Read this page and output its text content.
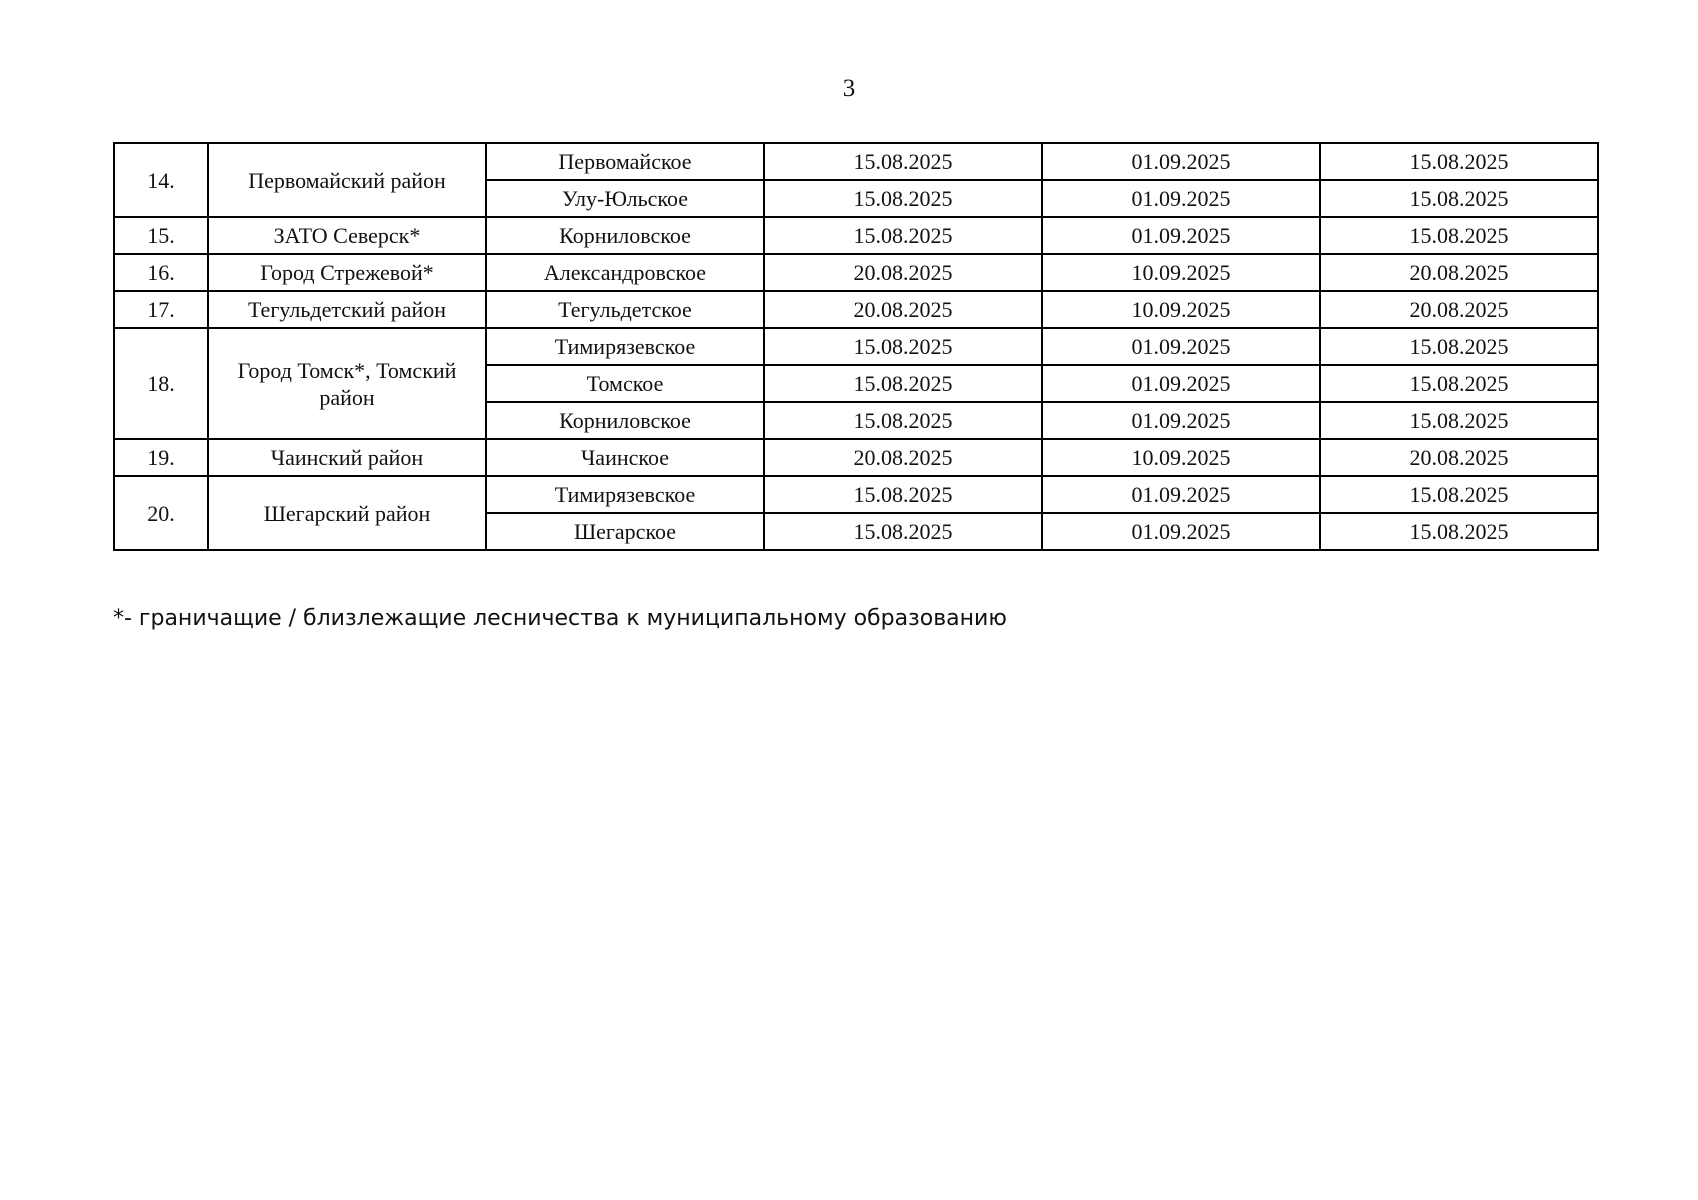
3
14.	Первомайский район	Первомайское	15.08.2025	01.09.2025	15.08.2025
		Улу-Юльское	15.08.2025	01.09.2025	15.08.2025
15.	ЗАТО Северск*	Корниловское	15.08.2025	01.09.2025	15.08.2025
16.	Город Стрежевой*	Александровское	20.08.2025	10.09.2025	20.08.2025
17.	Тегульдетский район	Тегульдетское	20.08.2025	10.09.2025	20.08.2025
18.	Город Томск*, Томский район	Тимирязевское	15.08.2025	01.09.2025	15.08.2025
		Томское	15.08.2025	01.09.2025	15.08.2025
		Корниловское	15.08.2025	01.09.2025	15.08.2025
19.	Чаинский район	Чаинское	20.08.2025	10.09.2025	20.08.2025
20.	Шегарский район	Тимирязевское	15.08.2025	01.09.2025	15.08.2025
		Шегарское	15.08.2025	01.09.2025	15.08.2025
*- граничащие / близлежащие лесничества к муниципальному образованию
